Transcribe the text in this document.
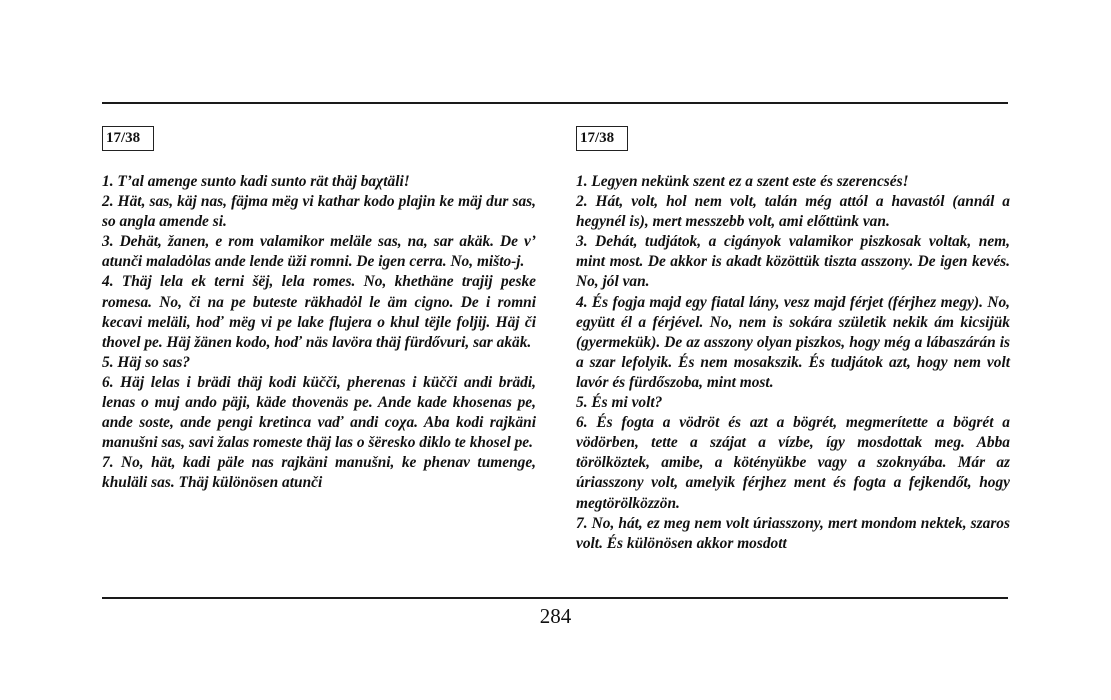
17/38

1. T’al amenge sunto kadi sunto rät thäj baχtäli!

2. Hät, sas, käj nas, fäjma mëg vi kathar kodo plajin ke mäj dur sas, so angla amende si.

3. Dehät, žanen, e rom valamikor meläle sas, na, sar akäk. De v’ atunči maladȯlas ande lende üži romni. De igen cerra. No, mišto-j.

4. Thäj lela ek terni šëj, lela romes. No, khethäne trajij peske romesa. No, či na pe buteste räkhadȯl le äm cigno. De i romni kecavi meläli, hoď mëg vi pe lake flujera o khul tëjle foljij. Häj či thovel pe. Häj žänen kodo, hoď näs lavöra thäj fürdővuri, sar akäk.

5. Häj so sas?

6. Häj lelas i brädi thäj kodi küčči, pherenas i küčči andi brädi, lenas o muj ando päji, käde thovenäs pe. Ande kade khosenas pe, ande soste, ande pengi kretinca vaď andi coχa. Aba kodi rajkäni manušni sas, savi žalas romeste thäj las o šëresko diklo te khosel pe.

7. No, hät, kadi päle nas rajkäni manušni, ke phenav tumenge, khuläli sas. Thäj különösen atunči

17/38

1. Legyen nekünk szent ez a szent este és szerencsés!

2. Hát, volt, hol nem volt, talán még attól a havastól (annál a hegynél is), mert messzebb volt, ami előttünk van.

3. Dehát, tudjátok, a cigányok valamikor piszkosak voltak, nem, mint most. De akkor is akadt közöttük tiszta asszony. De igen kevés. No, jól van.

4. És fogja majd egy fiatal lány, vesz majd férjet (férjhez megy). No, együtt él a férjével. No, nem is sokára születik nekik ám kicsijük (gyermekük). De az asszony olyan piszkos, hogy még a lábaszárán is a szar lefolyik. És nem mosakszik. És tudjátok azt, hogy nem volt lavór és fürdőszoba, mint most.

5. És mi volt?

6. És fogta a vödröt és azt a bögrét, megmerítette a bögrét a vödörben, tette a szájat a vízbe, így mosdottak meg. Abba törölköztek, amibe, a kötényükbe vagy a szoknyába. Már az úriasszony volt, amelyik férjhez ment és fogta a fejkendőt, hogy megtörölközzön.

7. No, hát, ez meg nem volt úriasszony, mert mondom nektek, szaros volt. És különösen akkor mosdott

284
